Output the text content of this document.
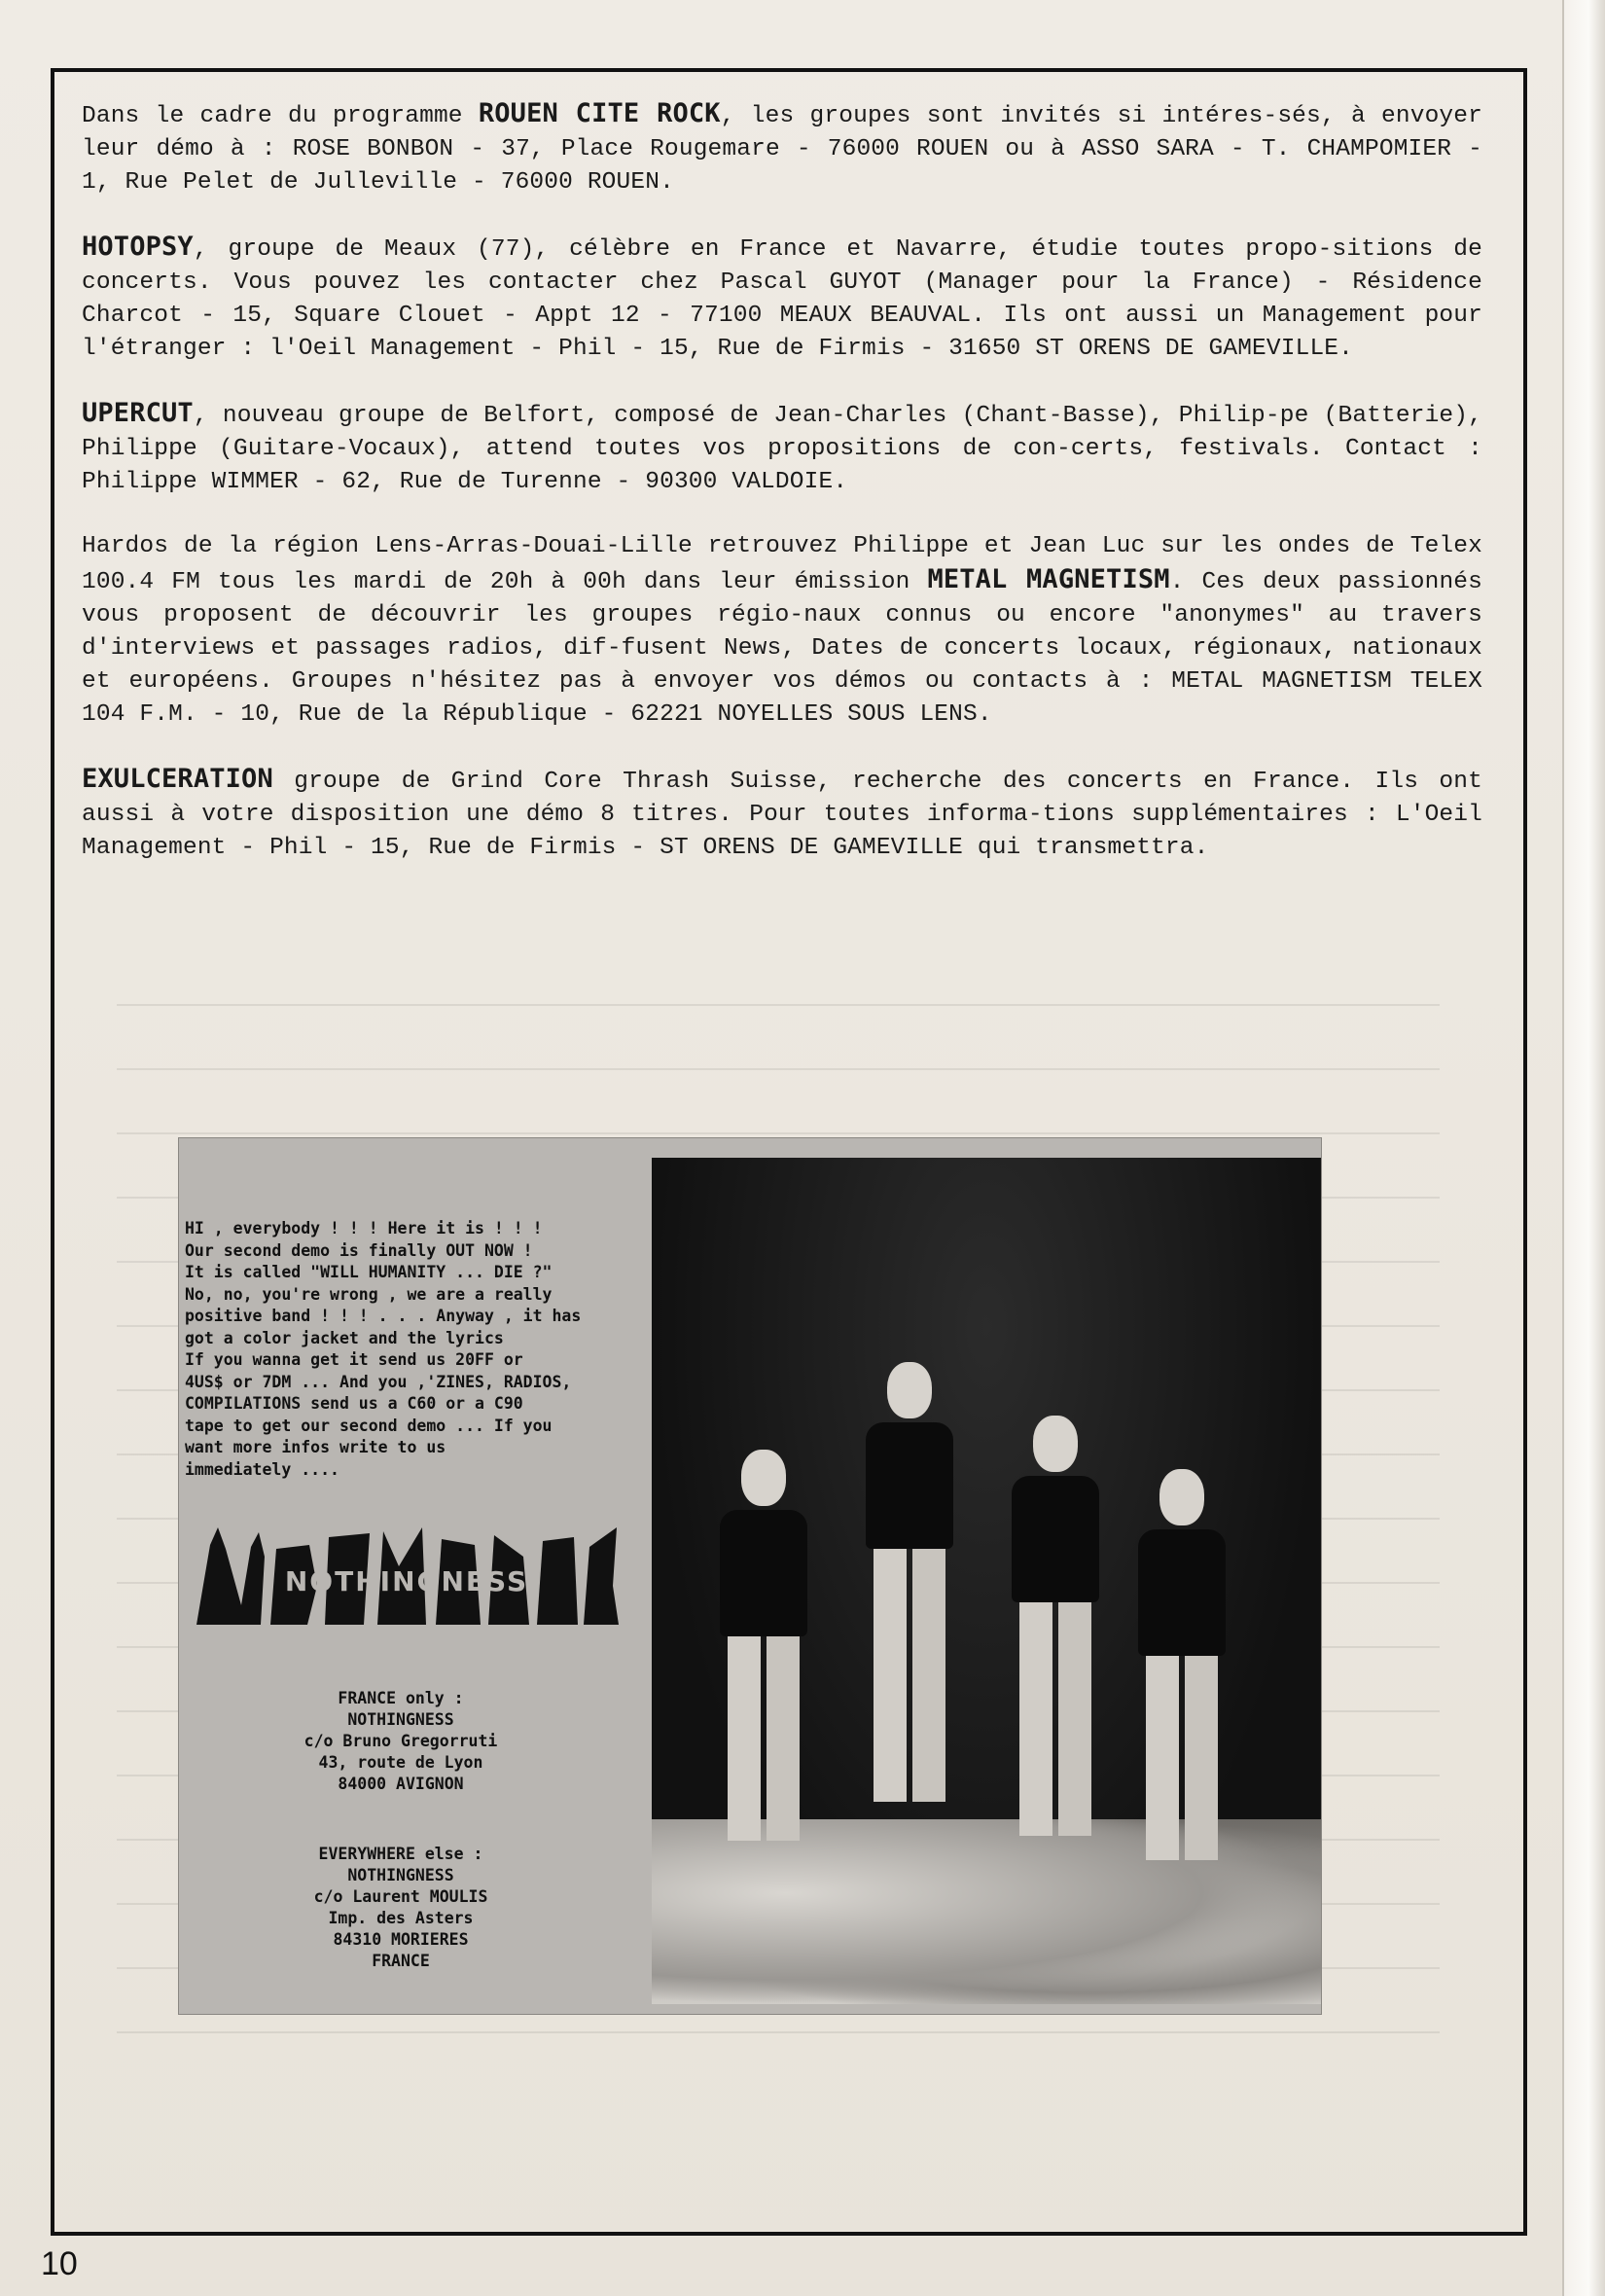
Dans le cadre du programme ROUEN CITE ROCK, les groupes sont invités si intéres-sés, à envoyer leur démo à : ROSE BONBON - 37, Place Rougemare - 76000 ROUEN ou à ASSO SARA - T. CHAMPOMIER - 1, Rue Pelet de Julleville - 76000 ROUEN.

HOTOPSY, groupe de Meaux (77), célèbre en France et Navarre, étudie toutes propo-sitions de concerts. Vous pouvez les contacter chez Pascal GUYOT (Manager pour la France) - Résidence Charcot - 15, Square Clouet - Appt 12 - 77100 MEAUX BEAUVAL. Ils ont aussi un Management pour l'étranger : l'Oeil Management - Phil - 15, Rue de Firmis - 31650 ST ORENS DE GAMEVILLE.

UPERCUT, nouveau groupe de Belfort, composé de Jean-Charles (Chant-Basse), Philip-pe (Batterie), Philippe (Guitare-Vocaux), attend toutes vos propositions de con-certs, festivals. Contact : Philippe WIMMER - 62, Rue de Turenne - 90300 VALDOIE.

Hardos de la région Lens-Arras-Douai-Lille retrouvez Philippe et Jean Luc sur les ondes de Telex 100.4 FM tous les mardi de 20h à 00h dans leur émission METAL MAGNETISM. Ces deux passionnés vous proposent de découvrir les groupes régio-naux connus ou encore "anonymes" au travers d'interviews et passages radios, dif-fusent News, Dates de concerts locaux, régionaux, nationaux et européens. Groupes n'hésitez pas à envoyer vos démos ou contacts à : METAL MAGNETISM TELEX 104 F.M. - 10, Rue de la République - 62221 NOYELLES SOUS LENS.

EXULCERATION groupe de Grind Core Thrash Suisse, recherche des concerts en France. Ils ont aussi à votre disposition une démo 8 titres. Pour toutes informa-tions supplémentaires : L'Oeil Management - Phil - 15, Rue de Firmis - ST ORENS DE GAMEVILLE qui transmettra.

HI , everybody ! ! ! Here it is ! ! !
Our second demo is finally OUT NOW !
It is called "WILL HUMANITY ... DIE ?"
No, no, you're wrong , we are a really
positive band ! ! ! . . . Anyway , it has
got a color jacket and the lyrics
If you wanna get it send us 20FF or
4US$ or 7DM ... And you ,'ZINES, RADIOS,
COMPILATIONS send us a C60 or a C90
tape to get our second demo ... If you
want more infos write to us
immediately ....
NOTHINGNESS
FRANCE only :
NOTHINGNESS
c/o Bruno Gregorruti
43, route de Lyon
84000 AVIGNON
EVERYWHERE else :
NOTHINGNESS
c/o Laurent MOULIS
Imp. des Asters
84310 MORIERES
FRANCE
10
